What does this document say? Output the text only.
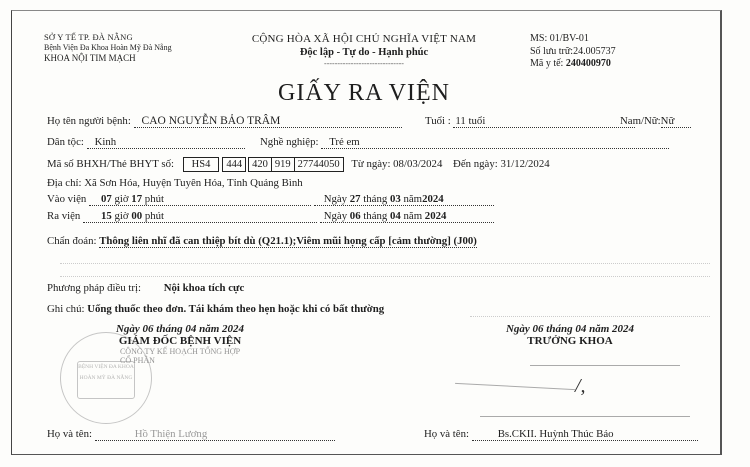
SỞ Y TẾ TP. ĐÀ NẴNG
Bệnh Viện Đa Khoa Hoàn Mỹ Đà Nẵng
KHOA NỘI TIM MẠCH
CỘNG HÒA XÃ HỘI CHỦ NGHĨA VIỆT NAM
Độc lập - Tự do - Hạnh phúc
------------------------------
MS: 01/BV-01
Số lưu trữ:24.005737
Mã y tế: 240400970
GIẤY RA VIỆN
Họ tên người bệnh: CAO NGUYỄN BẢO TRÂM	Tuổi : 11 tuổi	Nam/Nữ:Nữ
Dân tộc: Kinh	Nghề nghiệp: Trẻ em
Mã số BHXH/Thẻ BHYT số:	HS4	444 420 919 27744050	Từ ngày: 08/03/2024 Đến ngày: 31/12/2024
Địa chỉ: Xã Sơn Hóa, Huyện Tuyên Hóa, Tỉnh Quảng Bình
Vào viện 07 giờ 17 phút	Ngày 27 tháng 03 năm2024
Ra viện 15 giờ 00 phút	Ngày 06 tháng 04 năm 2024
Chẩn đoán: Thông liên nhĩ đã can thiệp bít dù (Q21.1);Viêm mũi họng cấp [cảm thường] (J00)
Phương pháp điều trị: Nội khoa tích cực
Ghi chú: Uống thuốc theo đơn. Tái khám theo hẹn hoặc khi có bất thường
BỆNH VIỆN ĐA KHOA
HOÀN MỸ ĐÀ NẴNG
Ngày 06 tháng 04 năm 2024
GIÁM ĐỐC BỆNH VIỆN
CÔNG TY KẾ HOẠCH TỔNG HỢP
CỔ PHẦN
Họ và tên:	Hồ Thiện Lương
Ngày 06 tháng 04 năm 2024
TRƯỞNG KHOA
/,
Họ và tên:	Bs.CKII. Huỳnh Thúc Bảo
